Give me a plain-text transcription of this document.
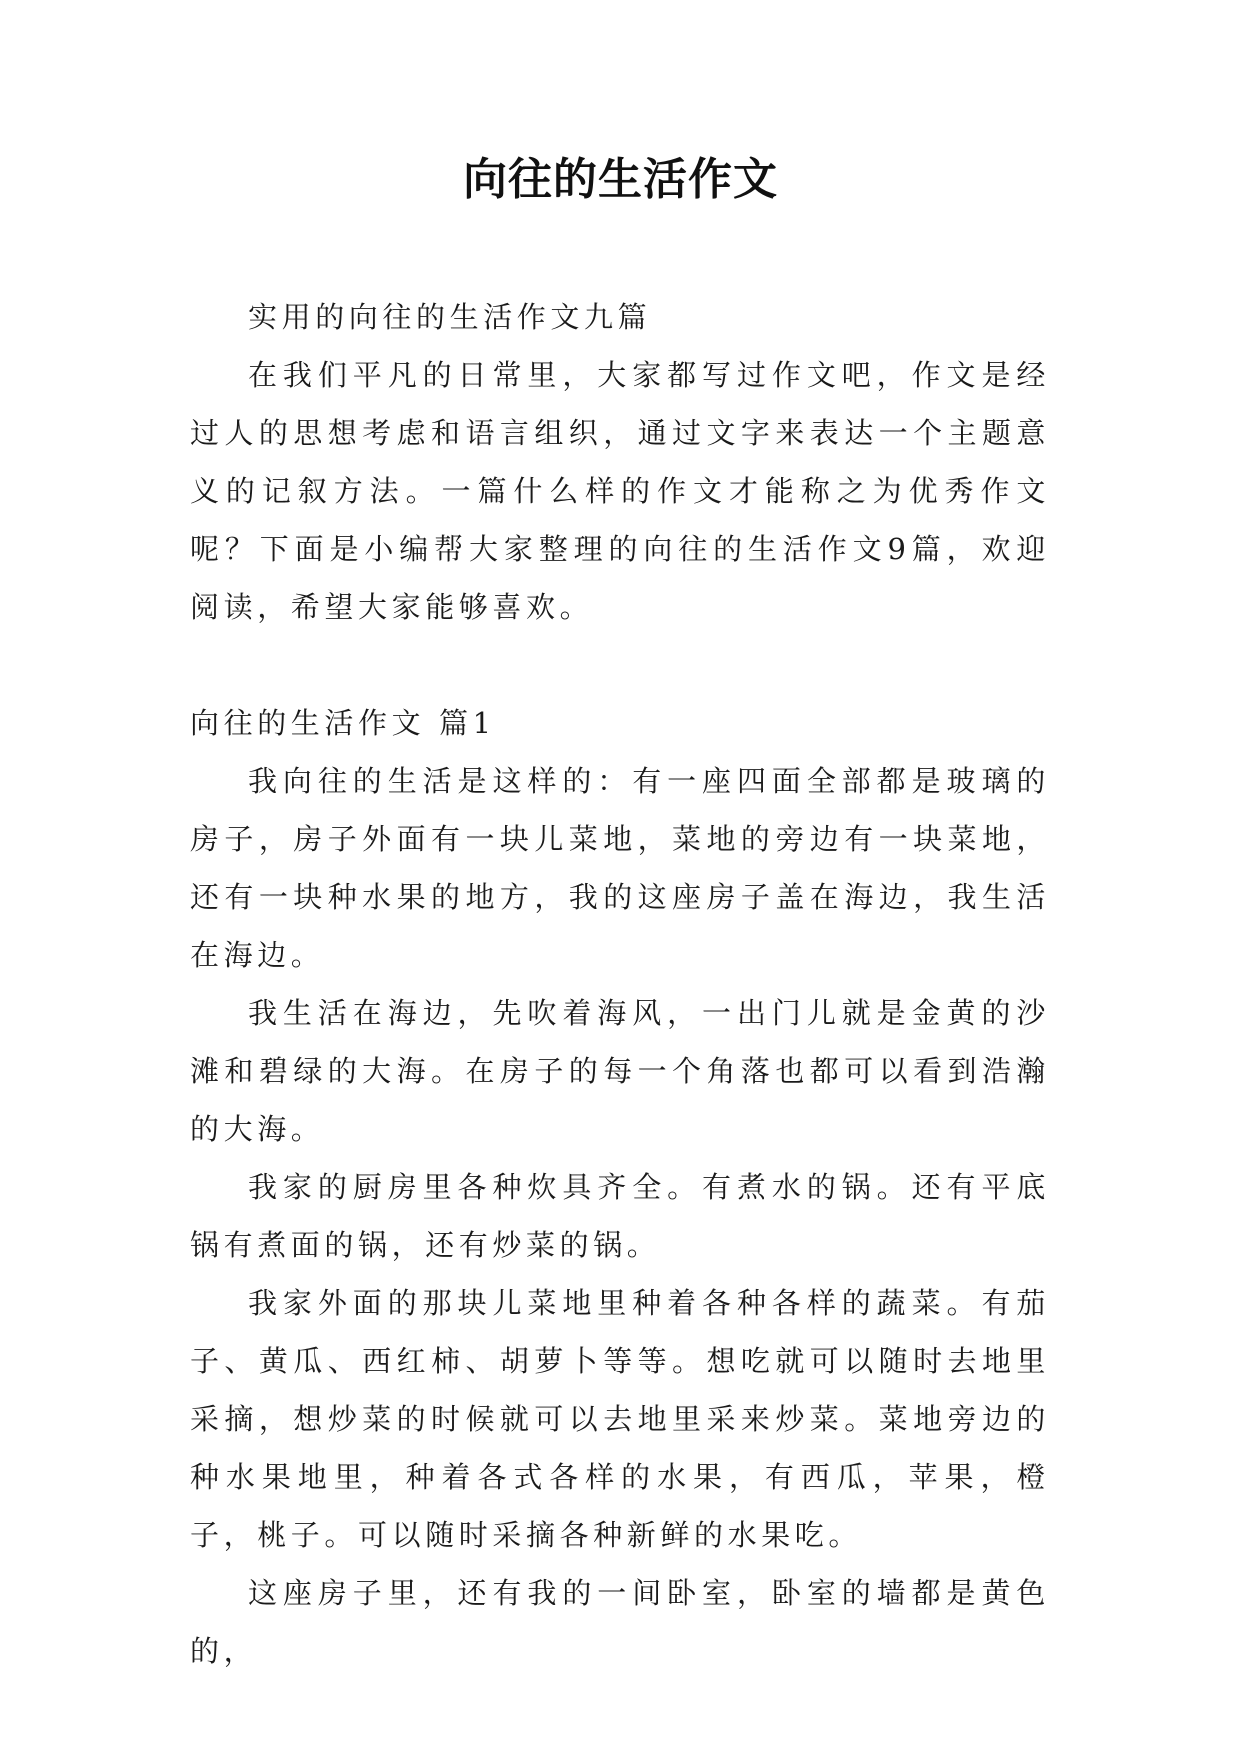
向往的生活作文

实用的向往的生活作文九篇

在我们平凡的日常里，大家都写过作文吧，作文是经过人的思想考虑和语言组织，通过文字来表达一个主题意义的记叙方法。一篇什么样的作文才能称之为优秀作文呢？下面是小编帮大家整理的向往的生活作文9篇，欢迎阅读，希望大家能够喜欢。

向往的生活作文 篇1

我向往的生活是这样的：有一座四面全部都是玻璃的房子，房子外面有一块儿菜地，菜地的旁边有一块菜地，还有一块种水果的地方，我的这座房子盖在海边，我生活在海边。

我生活在海边，先吹着海风，一出门儿就是金黄的沙滩和碧绿的大海。在房子的每一个角落也都可以看到浩瀚的大海。

我家的厨房里各种炊具齐全。有煮水的锅。还有平底锅有煮面的锅，还有炒菜的锅。

我家外面的那块儿菜地里种着各种各样的蔬菜。有茄子、黄瓜、西红柿、胡萝卜等等。想吃就可以随时去地里采摘，想炒菜的时候就可以去地里采来炒菜。菜地旁边的种水果地里，种着各式各样的水果，有西瓜，苹果，橙子，桃子。可以随时采摘各种新鲜的水果吃。

这座房子里，还有我的一间卧室，卧室的墙都是黄色的，
